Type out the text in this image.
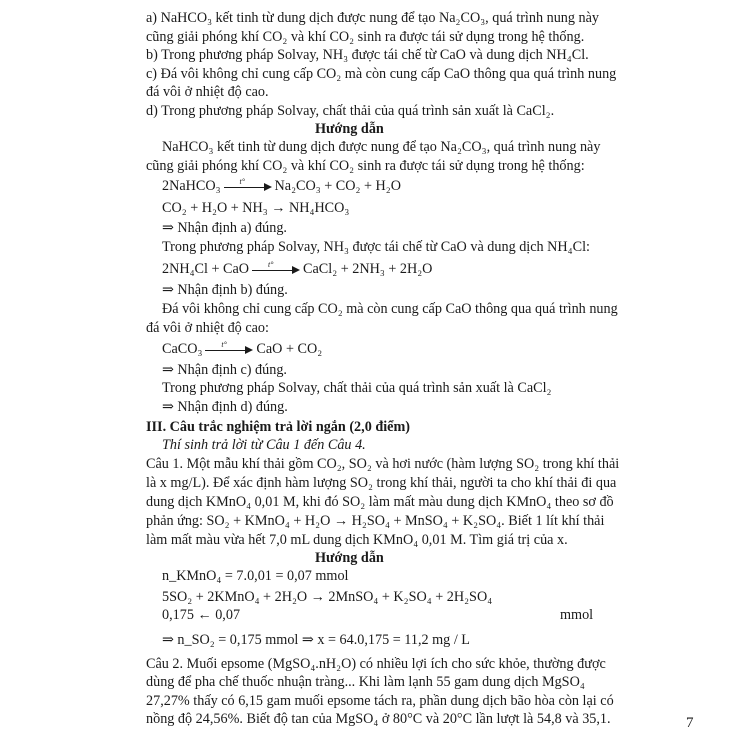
a) NaHCO₃ kết tinh từ dung dịch được nung để tạo Na₂CO₃, quá trình nung này
cũng giải phóng khí CO₂ và khí CO₂ sinh ra được tái sử dụng trong hệ thống.
b) Trong phương pháp Solvay, NH₃ được tái chế từ CaO và dung dịch NH₄Cl.
c) Đá vôi không chỉ cung cấp CO₂ mà còn cung cấp CaO thông qua quá trình nung
đá vôi ở nhiệt độ cao.
d) Trong phương pháp Solvay, chất thải của quá trình sản xuất là CaCl₂.
Hướng dẫn
NaHCO₃ kết tinh từ dung dịch được nung để tạo Na₂CO₃, quá trình nung này
cũng giải phóng khí CO₂ và khí CO₂ sinh ra được tái sử dụng trong hệ thống:
CO₂ + H₂O + NH₃ → NH₄HCO₃
⇒ Nhận định a) đúng.
Trong phương pháp Solvay, NH₃ được tái chế từ CaO và dung dịch NH₄Cl:
⇒ Nhận định b) đúng.
Đá vôi không chỉ cung cấp CO₂ mà còn cung cấp CaO thông qua quá trình nung
đá vôi ở nhiệt độ cao:
⇒ Nhận định c) đúng.
Trong phương pháp Solvay, chất thải của quá trình sản xuất là CaCl₂
⇒ Nhận định d) đúng.
III. Câu trắc nghiệm trả lời ngắn (2,0 điểm)
Thí sinh trả lời từ Câu 1 đến Câu 4.
Câu 1. Một mẫu khí thải gồm CO₂, SO₂ và hơi nước (hàm lượng SO₂ trong khí thải
là x mg/L). Để xác định hàm lượng SO₂ trong khí thải, người ta cho khí thải đi qua
dung dịch KMnO₄ 0,01 M, khi đó SO₂ làm mất màu dung dịch KMnO₄ theo sơ đồ
phản ứng: SO₂ + KMnO₄ + H₂O → H₂SO₄ + MnSO₄ + K₂SO₄. Biết 1 lít khí thải
làm mất màu vừa hết 7,0 mL dung dịch KMnO₄ 0,01 M. Tìm giá trị của x.
Hướng dẫn
n_KMnO₄ = 7.0,01 = 0,07 mmol
5SO₂ + 2KMnO₄ + 2H₂O → 2MnSO₄ + K₂SO₄ + 2H₂SO₄
0,175 ← 0,07	mmol
⇒ n_SO₂ = 0,175 mmol ⇒ x = 64.0,175 = 11,2 mg / L
Câu 2. Muối epsome (MgSO₄.nH₂O) có nhiều lợi ích cho sức khỏe, thường được
dùng để pha chế thuốc nhuận tràng... Khi làm lạnh 55 gam dung dịch MgSO₄
27,27% thấy có 6,15 gam muối epsome tách ra, phần dung dịch bão hòa còn lại có
nồng độ 24,56%. Biết độ tan của MgSO₄ ở 80°C và 20°C lần lượt là 54,8 và 35,1.
2NaHCO₃ t° Na₂CO₃ + CO₂ + H₂O
2NH₄Cl + CaO t° CaCl₂ + 2NH₃ + 2H₂O
CaCO₃ t° CaO + CO₂
7
